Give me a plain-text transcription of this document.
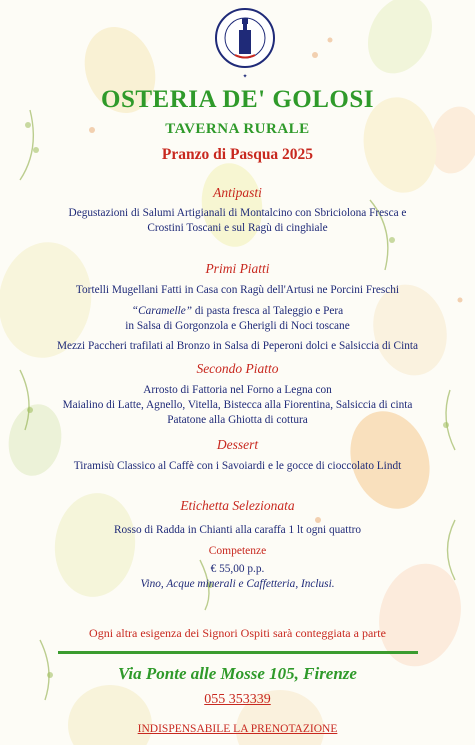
✦
OSTERIA DE' GOLOSI
TAVERNA RURALE
Pranzo di Pasqua 2025
Antipasti
Degustazioni di Salumi Artigianali di Montalcino con Sbriciolona Fresca e
Crostini Toscani e sul Ragù di cinghiale
Primi Piatti
Tortelli Mugellani Fatti in Casa con Ragù dell'Artusi ne Porcini Freschi
“Caramelle” di pasta fresca al Taleggio e Pera
in Salsa di Gorgonzola e Gherigli di Noci toscane
Mezzi Paccheri trafilati al Bronzo in Salsa di Peperoni dolci e Salsiccia di Cinta
Secondo Piatto
Arrosto di Fattoria nel Forno a Legna con
Maialino di Latte, Agnello, Vitella, Bistecca alla Fiorentina, Salsiccia di cinta
Patatone alla Ghiotta di cottura
Dessert
Tiramisù Classico al Caffè con i Savoiardi e le gocce di cioccolato Lindt
Etichetta Selezionata
Rosso di Radda in Chianti alla caraffa 1 lt ogni quattro
Competenze
€ 55,00 p.p.
Vino, Acque minerali e Caffetteria, Inclusi.
Ogni altra esigenza dei Signori Ospiti sarà conteggiata a parte
Via Ponte alle Mosse 105, Firenze
055 353339
INDISPENSABILE LA PRENOTAZIONE
